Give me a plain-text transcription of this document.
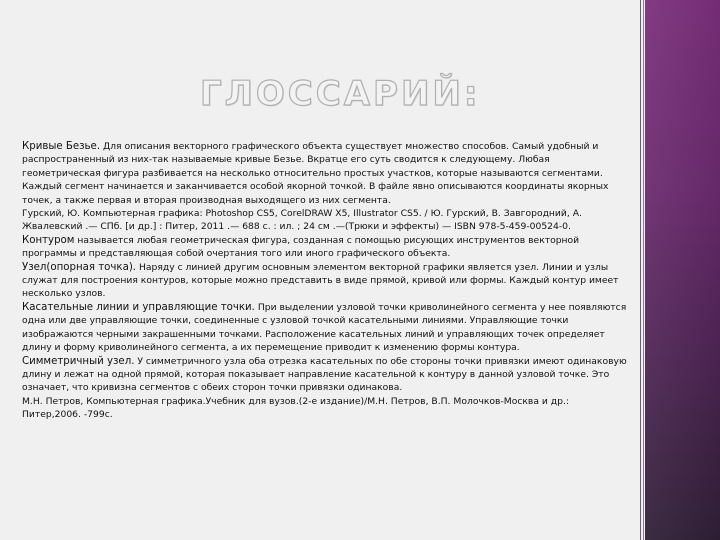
ГЛОССАРИЙ:

Кривые Безье. Для описания векторного графического объекта существует множество способов. Самый удобный и распространенный из них-так называемые кривые Безье. Вкратце его суть сводится к следующему. Любая геометрическая фигура разбивается на несколько относительно простых участков, которые называются сегментами. Каждый сегмент начинается и заканчивается особой якорной точкой. В файле явно описываются координаты якорных точек, а также первая и вторая производная выходящего из них сегмента.

Гурский, Ю. Компьютерная графика: Photoshop CS5, CorelDRAW X5, Illustrator CS5. / Ю. Гурский, В. Завгородний, А. Жвалевский .— СПб. [и др.] : Питер, 2011 .— 688 с. : ил. ; 24 см .—(Трюки и эффекты) — ISBN 978-5-459-00524-0.

Контуром называется любая геометрическая фигура, созданная с помощью рисующих инструментов векторной программы и представляющая собой очертания того или иного графического объекта.

Узел(опорная точка). Наряду с линией другим основным элементом векторной графики является узел. Линии и узлы служат для построения контуров, которые можно представить в виде прямой, кривой или формы. Каждый контур имеет несколько узлов.

Касательные линии и управляющие точки. При выделении узловой точки криволинейного сегмента у нее появляются одна или две управляющие точки, соединенные с узловой точкой касательными линиями. Управляющие точки изображаются черными закрашенными точками. Расположение касательных линий и управляющих точек определяет длину и форму криволинейного сегмента, а их перемещение приводит к изменению формы контура.

Симметричный узел. У симметричного узла оба отрезка касательных по обе стороны точки привязки имеют одинаковую длину и лежат на одной прямой, которая показывает направление касательной к контуру в данной узловой точке. Это означает, что кривизна сегментов с обеих сторон точки привязки одинакова.

М.Н. Петров, Компьютерная графика.Учебник для вузов.(2-е издание)/М.Н. Петров, В.П. Молочков-Москва и др.: Питер,2006. -799с.
